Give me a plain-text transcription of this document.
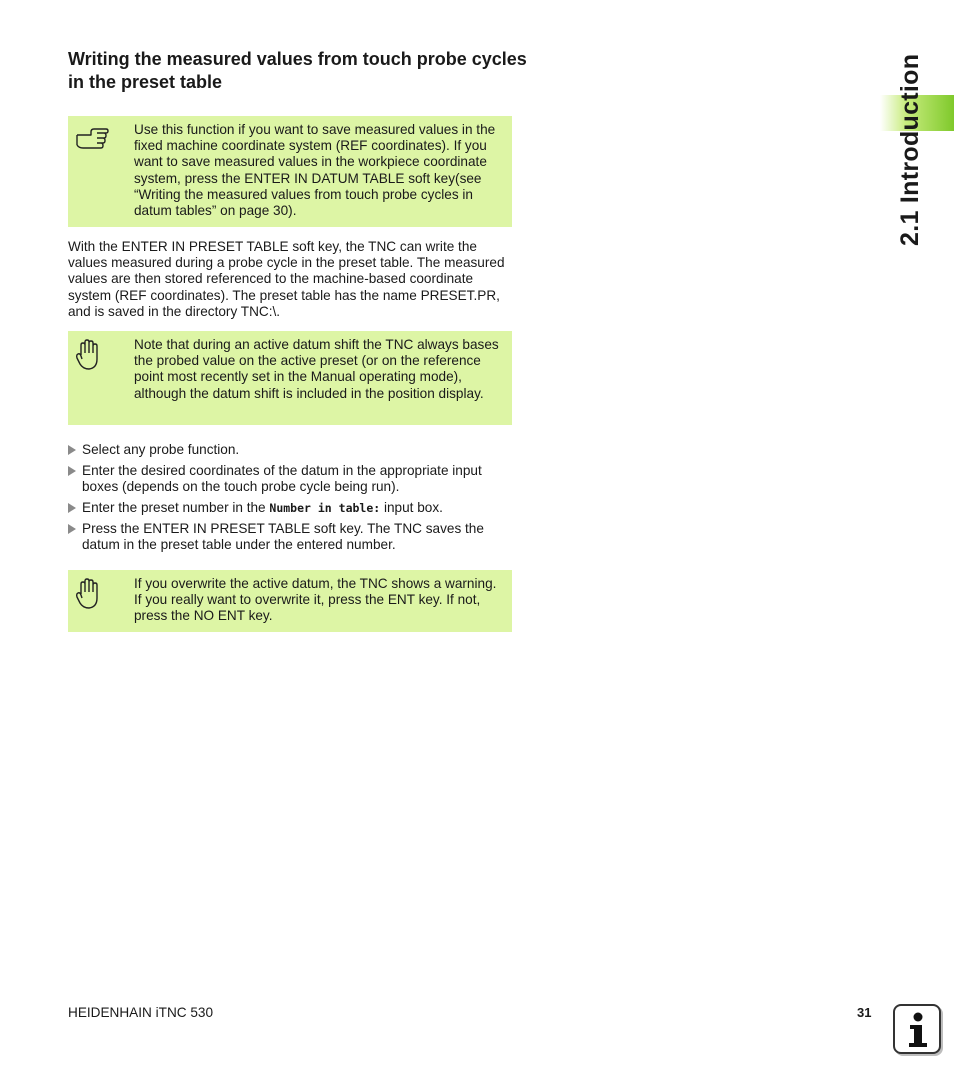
Writing the measured values from touch probe cycles in the preset table
Use this function if you want to save measured values in the fixed machine coordinate system (REF coordinates). If you want to save measured values in the workpiece coordinate system, press the ENTER IN DATUM TABLE soft key(see “Writing the measured values from touch probe cycles in datum tables” on page 30).

With the ENTER IN PRESET TABLE soft key, the TNC can write the values measured during a probe cycle in the preset table. The measured values are then stored referenced to the machine-based coordinate system (REF coordinates). The preset table has the name PRESET.PR, and is saved in the directory TNC:\.

Note that during an active datum shift the TNC always bases the probed value on the active preset (or on the reference point most recently set in the Manual operating mode), although the datum shift is included in the position display.
Select any probe function.
Enter the desired coordinates of the datum in the appropriate input boxes (depends on the touch probe cycle being run).
Enter the preset number in the Number in table: input box.
Press the ENTER IN PRESET TABLE soft key. The TNC saves the datum in the preset table under the entered number.
If you overwrite the active datum, the TNC shows a warning. If you really want to overwrite it, press the ENT key. If not, press the NO ENT key.
2.1 Introduction
HEIDENHAIN iTNC 530	31
